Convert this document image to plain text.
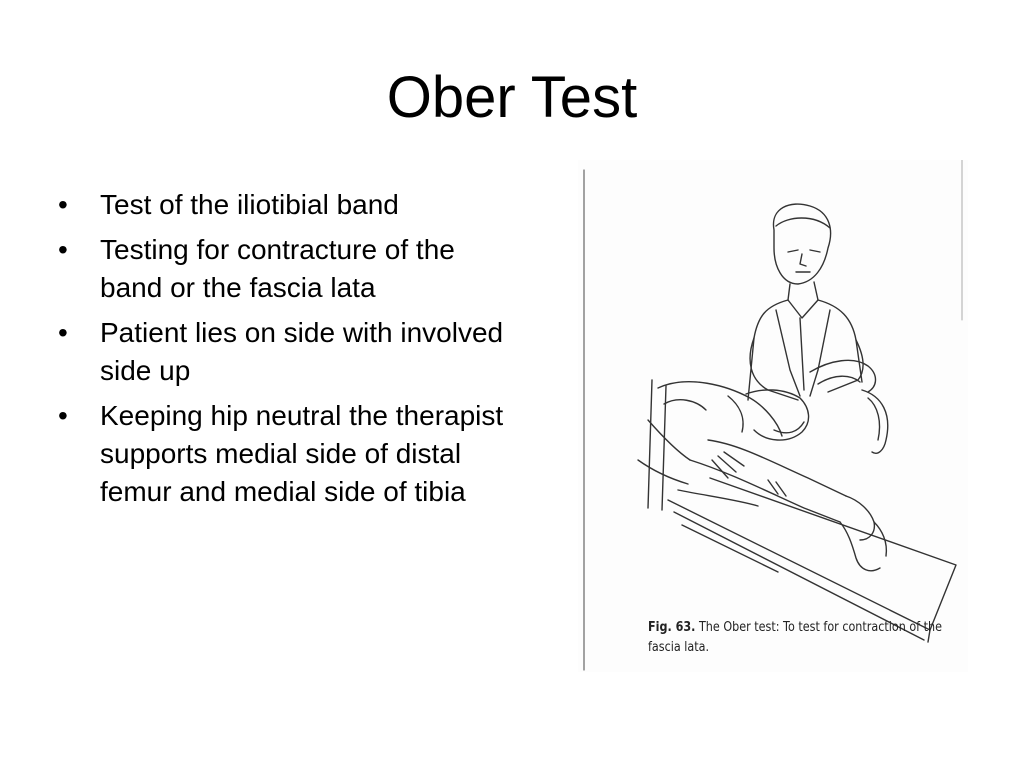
Ober Test
•	Test of the iliotibial band
•	Testing for contracture of the band or the fascia lata
•	Patient lies on side with involved side up
•	Keeping hip neutral the therapist supports medial side of distal femur and medial side of tibia
Fig. 63. The Ober test: To test for contraction of the fascia lata.
